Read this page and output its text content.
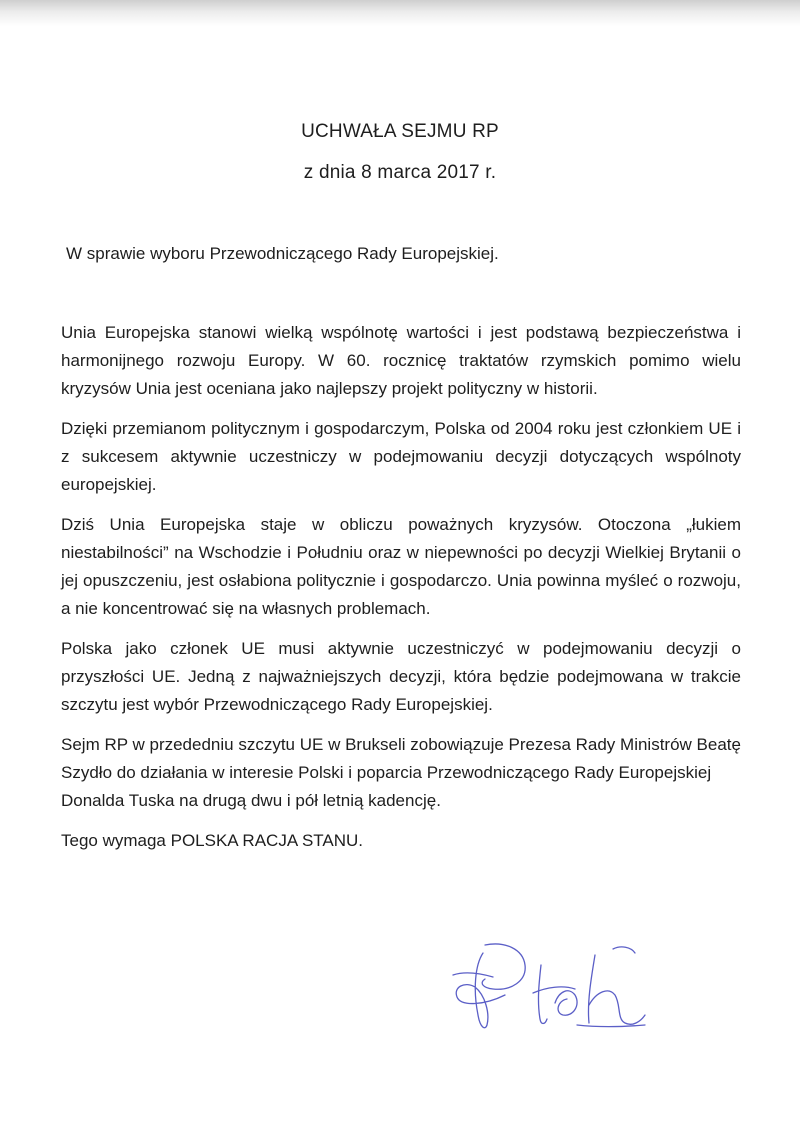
UCHWAŁA SEJMU RP
z dnia 8 marca 2017 r.
W sprawie wyboru Przewodniczącego Rady Europejskiej.

Unia Europejska stanowi wielką wspólnotę wartości i jest podstawą bezpieczeństwa i harmonijnego rozwoju Europy. W 60. rocznicę traktatów rzymskich pomimo wielu kryzysów Unia jest oceniana jako najlepszy projekt polityczny w historii.

Dzięki przemianom politycznym i gospodarczym, Polska od 2004 roku jest członkiem UE i z sukcesem aktywnie uczestniczy w podejmowaniu decyzji dotyczących wspólnoty europejskiej.

Dziś Unia Europejska staje w obliczu poważnych kryzysów. Otoczona „łukiem niestabilności” na Wschodzie i Południu oraz w niepewności po decyzji Wielkiej Brytanii o jej opuszczeniu, jest osłabiona politycznie i gospodarczo. Unia powinna myśleć o rozwoju, a nie koncentrować się na własnych problemach.

Polska jako członek UE musi aktywnie uczestniczyć w podejmowaniu decyzji o przyszłości UE. Jedną z najważniejszych decyzji, która będzie podejmowana w trakcie szczytu jest wybór Przewodniczącego Rady Europejskiej.

Sejm RP w przededniu szczytu UE w Brukseli zobowiązuje Prezesa Rady Ministrów Beatę Szydło do działania w interesie Polski i poparcia Przewodniczącego Rady Europejskiej Donalda Tuska na drugą dwu i pół letnią kadencję.

Tego wymaga POLSKA RACJA STANU.
